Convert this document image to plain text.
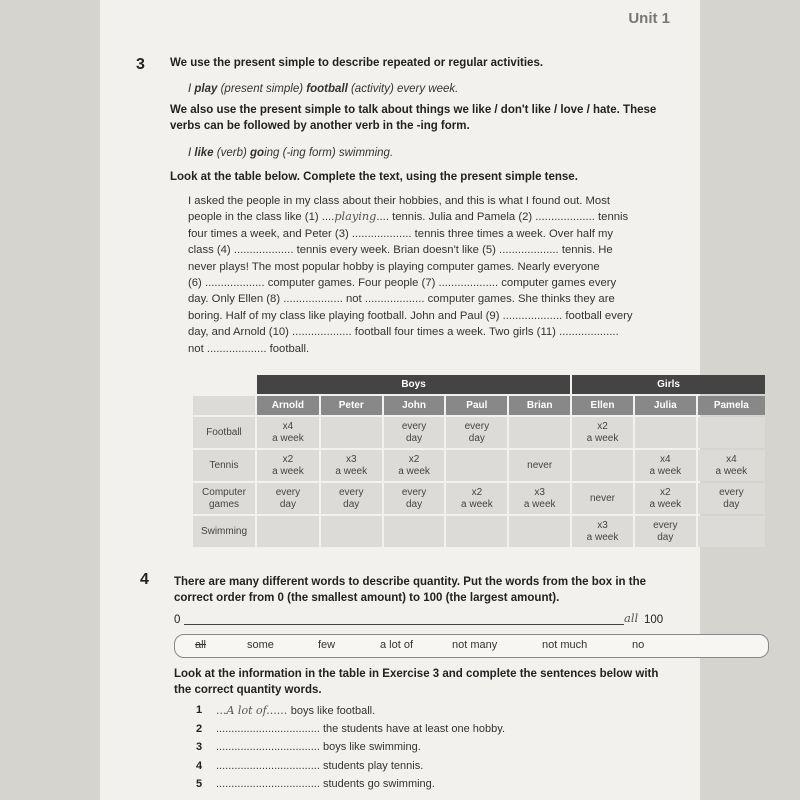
Unit 1
3 We use the present simple to describe repeated or regular activities.
I play (present simple) football (activity) every week.
We also use the present simple to talk about things we like / don't like / love / hate. These
verbs can be followed by another verb in the -ing form.
I like (verb) going (-ing form) swimming.
Look at the table below. Complete the text, using the present simple tense.
I asked the people in my class about their hobbies, and this is what I found out. Most
people in the class like (1) ....playing.... tennis. Julia and Pamela (2) ................... tennis
four times a week, and Peter (3) ................... tennis three times a week. Over half my
class (4) ................... tennis every week. Brian doesn't like (5) ................... tennis. He
never plays! The most popular hobby is playing computer games. Nearly everyone
(6) ................... computer games. Four people (7) ................... computer games every
day. Only Ellen (8) ................... not ................... computer games. She thinks they are
boring. Half of my class like playing football. John and Paul (9) ................... football every
day, and Arnold (10) ................... football four times a week. Two girls (11) ...................
not ................... football.
	Boys					Girls		
	Arnold	Peter	John	Paul	Brian	Ellen	Julia	Pamela
Football	x4
a week		every
day	every
day		x2
a week		
Tennis	x2
a week	x3
a week	x2
a week		never		x4
a week	x4
a week
Computer
games	every
day	every
day	every
day	x2
a week	x3
a week	never	x2
a week	every
day
Swimming						x3
a week	every
day	
4 There are many different words to describe quantity. Put the words from the box in the
correct order from 0 (the smallest amount) to 100 (the largest amount).
0	all 100
all	some	few	a lot of	not many	not much	no
Look at the information in the table in Exercise 3 and complete the sentences below with
the correct quantity words.
1 ...A lot of...... boys like football.
2 .................................. the students have at least one hobby.
3 .................................. boys like swimming.
4 .................................. students play tennis.
5 .................................. students go swimming.
